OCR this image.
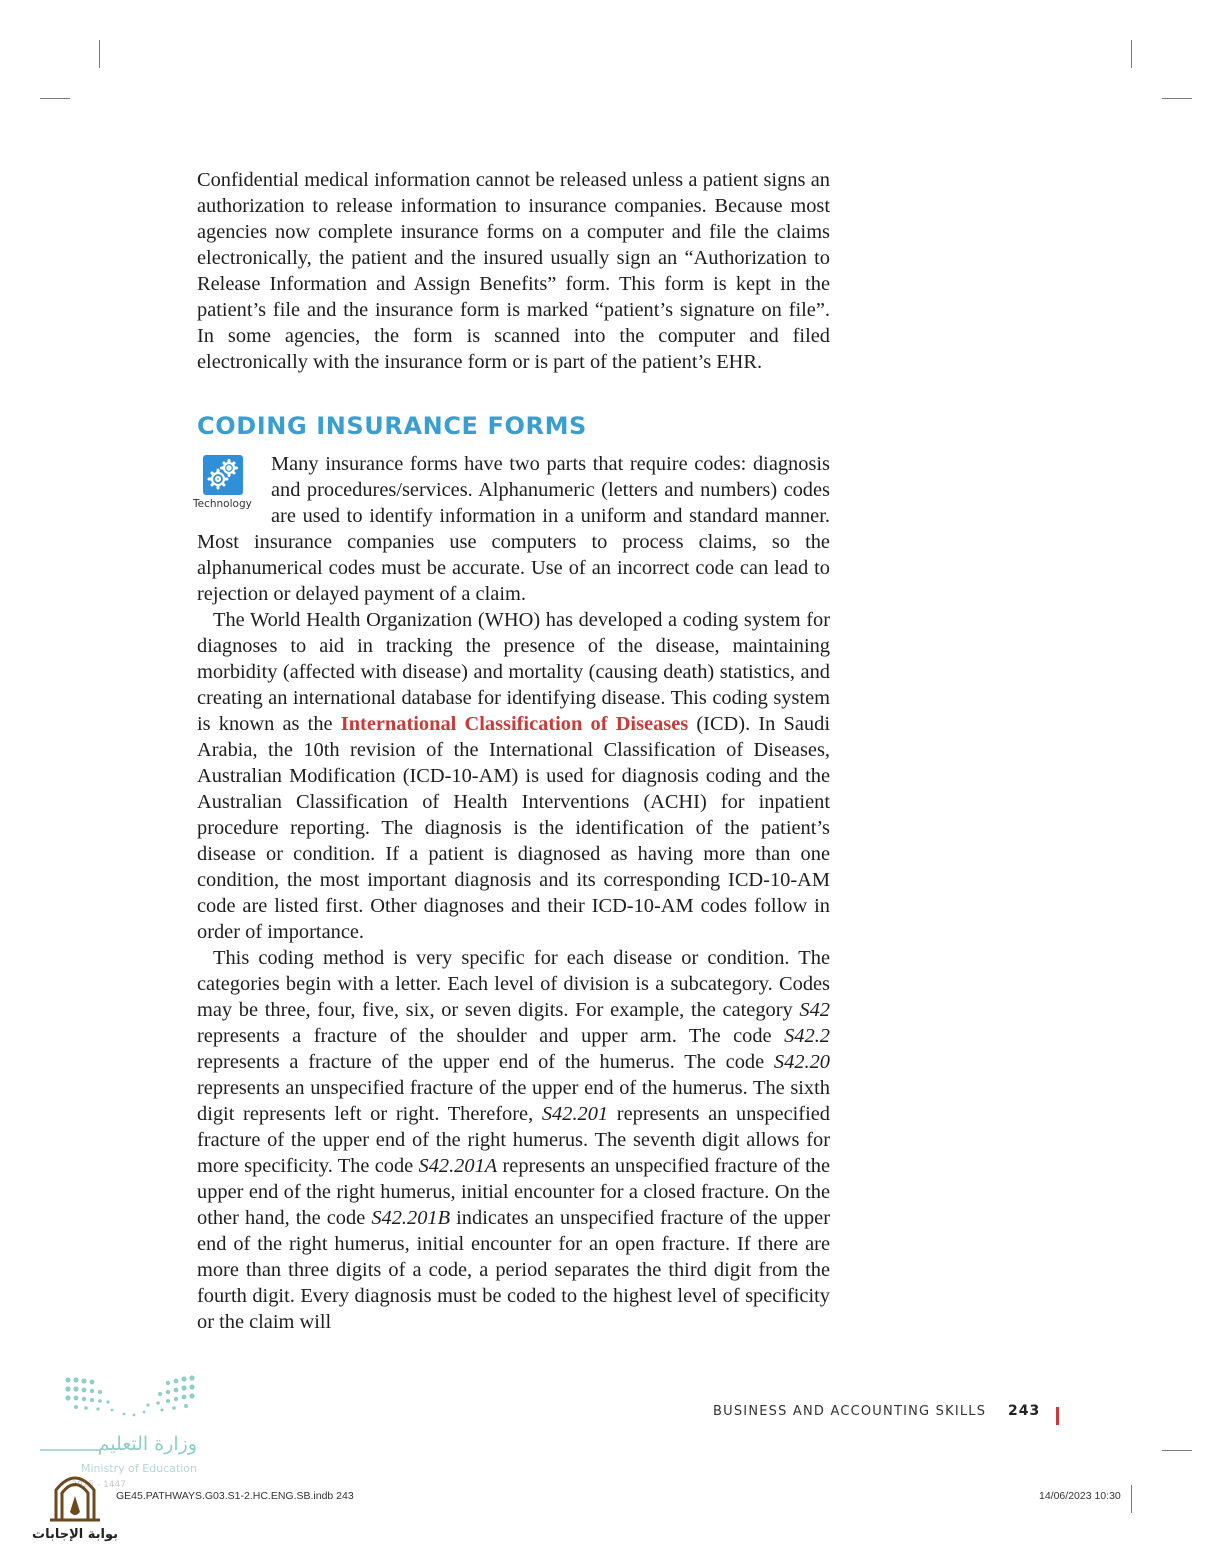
Confidential medical information cannot be released unless a patient signs an authorization to release information to insurance companies. Because most agencies now complete insurance forms on a computer and file the claims electronically, the patient and the insured usually sign an “Authorization to Release Information and Assign Benefits” form. This form is kept in the patient’s file and the insurance form is marked “patient’s signature on file”. In some agencies, the form is scanned into the computer and filed electronically with the insurance form or is part of the patient’s EHR.

CODING INSURANCE FORMS
Technology

Many insurance forms have two parts that require codes: diagnosis and procedures/services. Alphanumeric (letters and numbers) codes are used to identify information in a uniform and standard manner. Most insurance companies use computers to process claims, so the alphanumerical codes must be accurate. Use of an incorrect code can lead to rejection or delayed payment of a claim.

The World Health Organization (WHO) has developed a coding system for diagnoses to aid in tracking the presence of the disease, maintaining morbidity (affected with disease) and mortality (causing death) statistics, and creating an international database for identifying disease. This coding system is known as the International Classification of Diseases (ICD). In Saudi Arabia, the 10th revision of the International Classification of Diseases, Australian Modification (ICD-10-AM) is used for diagnosis coding and the Australian Classification of Health Interventions (ACHI) for inpatient procedure reporting. The diagnosis is the identification of the patient’s disease or condition. If a patient is diagnosed as having more than one condition, the most important diagnosis and its corresponding ICD-10-AM code are listed first. Other diagnoses and their ICD-10-AM codes follow in order of importance.

This coding method is very specific for each disease or condition. The categories begin with a letter. Each level of division is a subcategory. Codes may be three, four, five, six, or seven digits. For example, the category S42 represents a fracture of the shoulder and upper arm. The code S42.2 represents a fracture of the upper end of the humerus. The code S42.20 represents an unspecified fracture of the upper end of the humerus. The sixth digit represents left or right. Therefore, S42.201 represents an unspecified fracture of the upper end of the right humerus. The seventh digit allows for more specificity. The code S42.201A represents an unspecified fracture of the upper end of the right humerus, initial encounter for a closed fracture. On the other hand, the code S42.201B indicates an unspecified fracture of the upper end of the right humerus, initial encounter for an open fracture. If there are more than three digits of a code, a period separates the third digit from the fourth digit. Every diagnosis must be coded to the highest level of specificity or the claim will

وزارة التعليم
Ministry of Education
2025 - 1447
بوابة الإجابات
BUSINESS AND ACCOUNTING SKILLS 243
GE45.PATHWAYS.G03.S1-2.HC.ENG.SB.indb 243	14/06/2023 10:30
